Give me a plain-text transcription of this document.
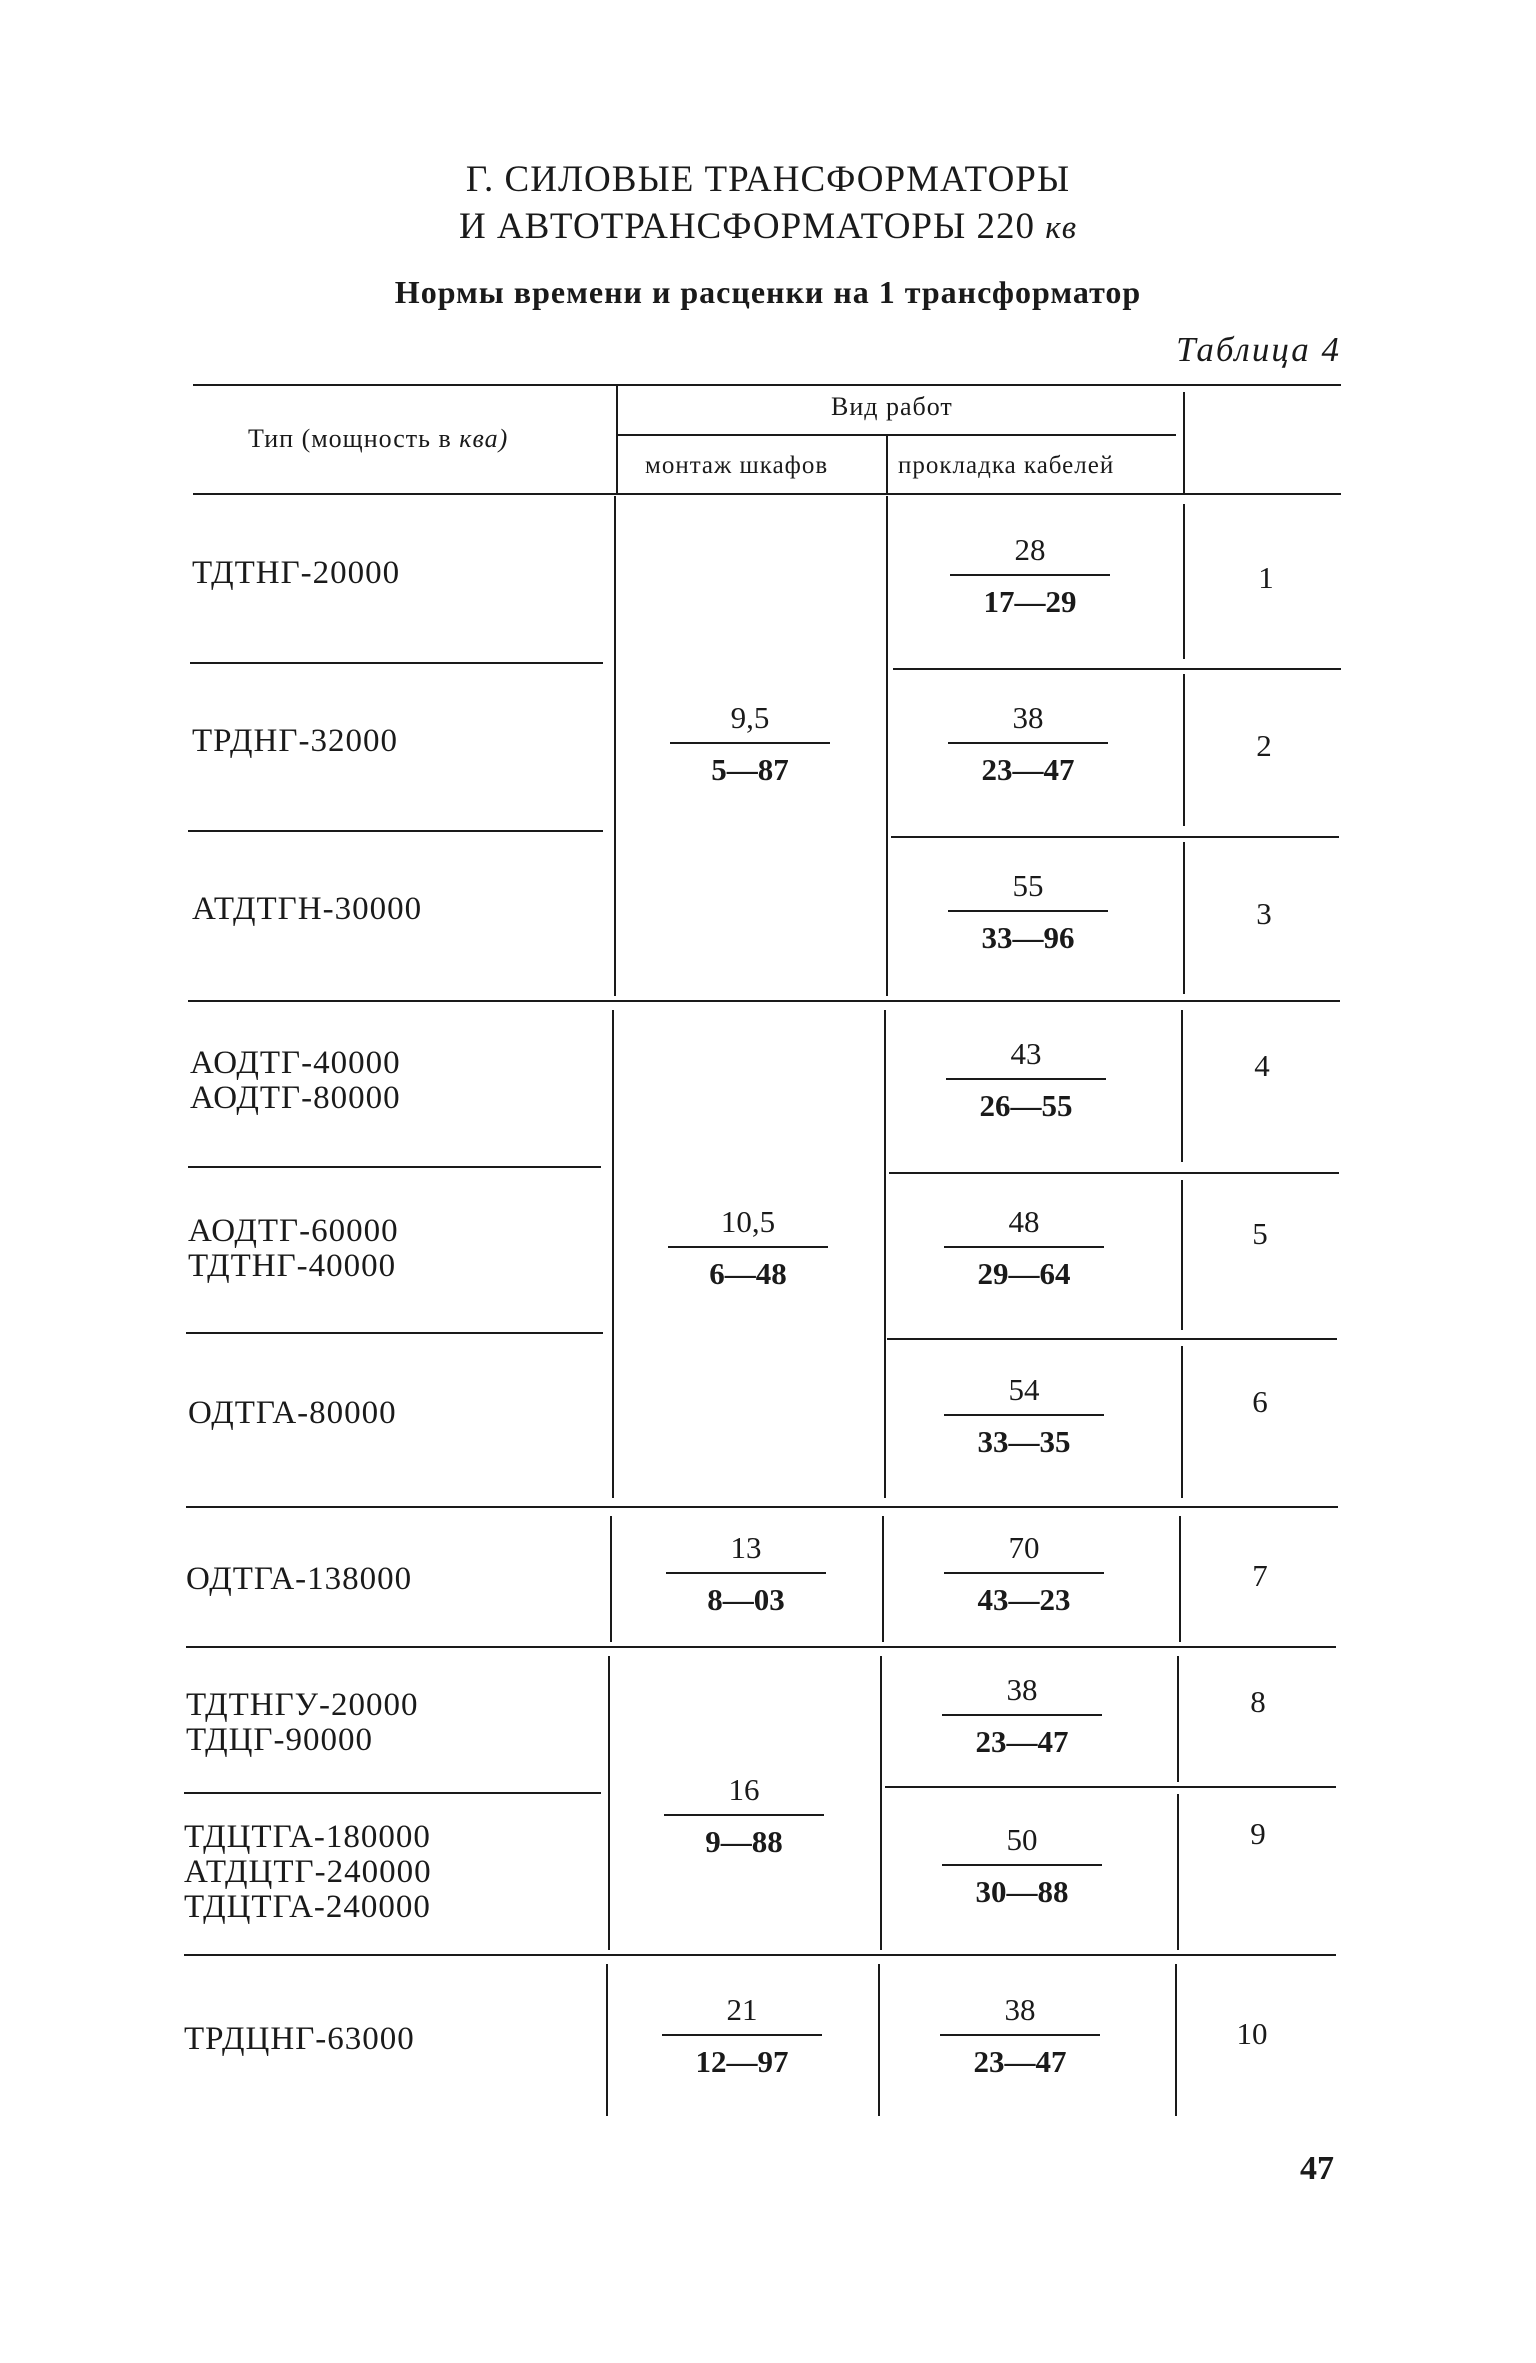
Г. СИЛОВЫЕ ТРАНСФОРМАТОРЫ
И АВТОТРАНСФОРМАТОРЫ 220 кв
Нормы времени и расценки на 1 трансформатор
Таблица 4
Тип (мощность в ква)
Вид работ
монтаж шкафов	прокладка кабелей
ТДТНГ-20000
28
17—29
1
ТРДНГ-32000
38
23—47
2
АТДТГН-30000
55
33—96
3
9,5
5—87
АОДТГ-40000
АОДТГ-80000
43
26—55
4
АОДТГ-60000
ТДТНГ-40000
48
29—64
5
ОДТГА-80000
54
33—35
6
10,5
6—48
ОДТГА-138000
13
8—03
70
43—23
7
ТДТНГУ-20000
ТДЦГ-90000
38
23—47
8
ТДЦТГА-180000
АТДЦТГ-240000
ТДЦТГА-240000
50
30—88
9
16
9—88
ТРДЦНГ-63000
21
12—97
38
23—47
10
47
